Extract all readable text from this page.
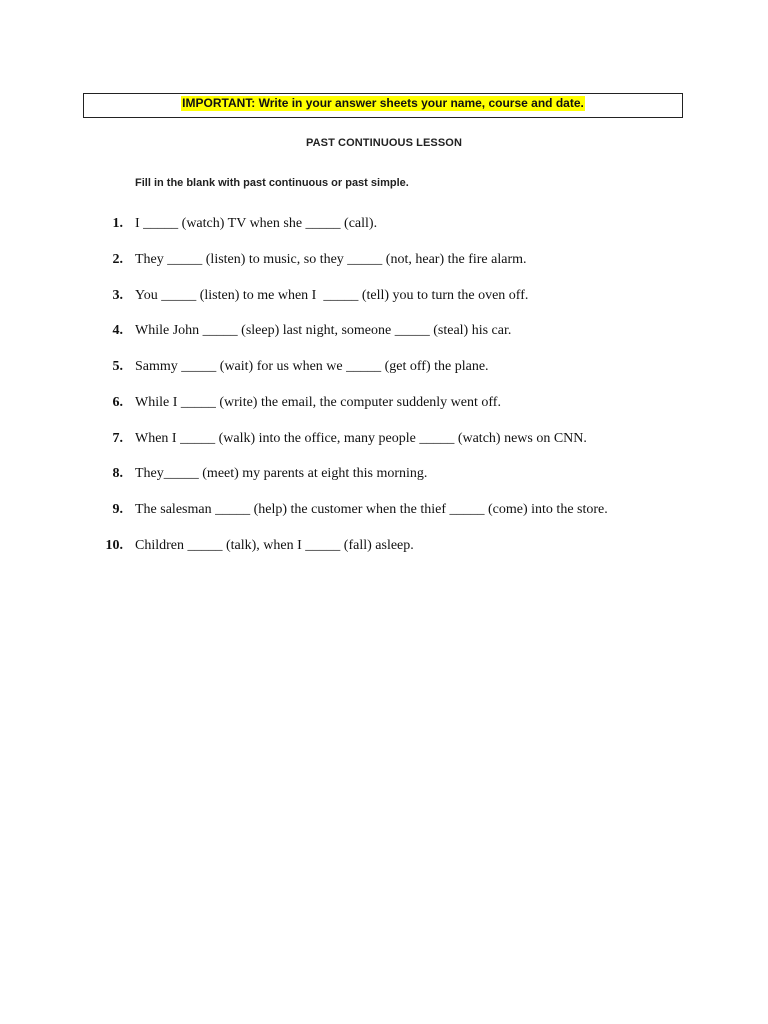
IMPORTANT: Write in your answer sheets your name, course and date.
PAST CONTINUOUS LESSON
Fill in the blank with past continuous or past simple.
1. I _____ (watch) TV when she _____ (call).
2. They _____ (listen) to music, so they _____ (not, hear) the fire alarm.
3. You _____ (listen) to me when I  _____ (tell) you to turn the oven off.
4. While John _____ (sleep) last night, someone _____ (steal) his car.
5. Sammy _____ (wait) for us when we _____ (get off) the plane.
6. While I _____ (write) the email, the computer suddenly went off.
7. When I _____ (walk) into the office, many people _____ (watch) news on CNN.
8. They_____ (meet) my parents at eight this morning.
9. The salesman _____ (help) the customer when the thief _____ (come) into the store.
10. Children _____ (talk), when I _____ (fall) asleep.
